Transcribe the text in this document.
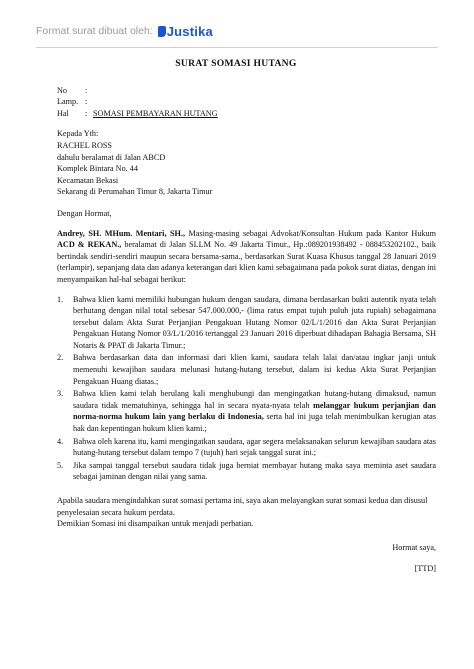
Format surat dibuat oleh: Justika
SURAT SOMASI HUTANG
No	:
Lamp. :
Hal	: SOMASI PEMBAYARAN HUTANG
Kepada Yth:
RACHEL ROSS
dahulu beralamat di Jalan ABCD
Komplek Bintara No. 44
Kecamatan Bekasi
Sekarang di Perumahan Timur 8, Jakarta Timur
Dengan Hormat,
Andrey, SH. MHum. Mentari, SH., Masing-masing sebagai Advokat/Konsultan Hukum pada Kantor Hukum ACD & REKAN., beralamat di Jalan SLLM No. 49 Jakarta Timur., Hp.:089201938492⁠ - 088453202102., baik bertindak sendiri-sendiri maupun secara bersama-sama., berdasarkan Surat Kuasa Khusus tanggal 28 Januari 2019 (terlampir), sepanjang data dan adanya keterangan dari klien kami sebagaimana pada pokok surat diatas, dengan ini menyampaikan hal-hal sebagai berikut:
1.	Bahwa klien kami memiliki hubungan hukum dengan saudara, dimana berdasarkan bukti autentik nyata telah berhutang dengan nilal total sebesar 547.000.000,- (lima ratus empat tujuh puluh juta rupiah) sebagaimana tersebut dalam Akta Surat Perjanjian Pengakuan Hutang Nomor 02/L/1/2016 dan Akta Surat Perjanjian Pengakuan Hutang Nomor 03/L/1/2016 tertanggal 23 Januari 2016 diperbuat dihadapan Bahagia Bersama, SH Notaris & PPAT di Jakarta Timur.;
2.	Bahwa berdasarkan data dan informasi dari klien kami, saudara telah lalai dan/atau ingkar janji untuk memenuhi kewajiban saudara melunasi hutang-hutang tersebut, dalam isi kedua Akta Surat Perjanjian Pengakuan Huang diatas.;
3.	Bahwa klien kami telah berulang kali menghubungi dan mengingatkan hutang-hutang dimaksud, namun saudara tidak mematuhinya, sehingga hal in secara nyata-nyata telah melanggar hukum perjanjian dan norma-norma hukum lain yang berlaku di Indonesia, serta hal ini juga telah menimbulkan kerugian atas hak dan kepentingan hukum klien kami.;
4.	Bahwa oleh karena itu, kami mengingatkan saudara, agar segera melaksanakan selurun kewajiban saudara atas hutang-hutang tersebut dalam tempo 7 (tujuh) hari sejak tanggal surat ini.;
5.	Jika sampai tanggal tersebut saudara tidak juga berniat membayar hutang maka saya meminta aset saudara sebagai jaminan dengan nilai yang sama.
Apabila saudara mengindahkan surat somasi pertama ini, saya akan melayangkan surat somasi kedua dan disusul penyelesaian secara hukum perdata.
Demikian Somasi ini disampaikan untuk menjadi perhatian.
Hormat saya,
[TTD]
